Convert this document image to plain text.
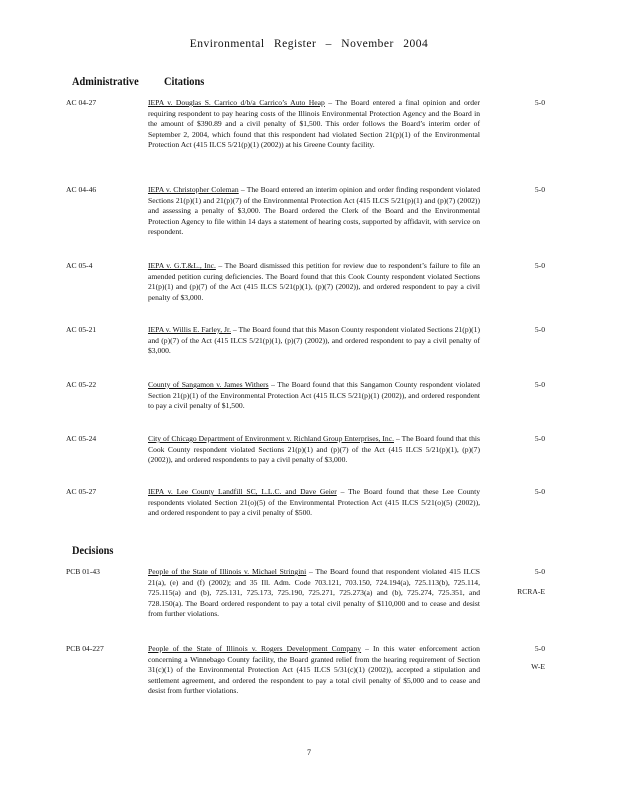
Environmental Register – November 2004
Administrative Citations
AC 04-27	IEPA v. Douglas S. Carrico d/b/a Carrico’s Auto Heap – The Board entered a final opinion and order requiring respondent to pay hearing costs of the Illinois Environmental Protection Agency and the Board in the amount of $390.89 and a civil penalty of $1,500. This order follows the Board’s interim order of September 2, 2004, which found that this respondent had violated Section 21(p)(1) of the Environmental Protection Act (415 ILCS 5/21(p)(1) (2002)) at his Greene County facility.
5-0
AC 04-46	IEPA v. Christopher Coleman – The Board entered an interim opinion and order finding respondent violated Sections 21(p)(1) and 21(p)(7) of the Environmental Protection Act (415 ILCS 5/21(p)(1) and (p)(7) (2002)) and assessing a penalty of $3,000. The Board ordered the Clerk of the Board and the Environmental Protection Agency to file within 14 days a statement of hearing costs, supported by affidavit, with service on respondent.
5-0
AC 05-4	IEPA v. G.T.&L., Inc. – The Board dismissed this petition for review due to respondent’s failure to file an amended petition curing deficiencies. The Board found that this Cook County respondent violated Sections 21(p)(1) and (p)(7) of the Act (415 ILCS 5/21(p)(1), (p)(7) (2002)), and ordered respondent to pay a civil penalty of $3,000.
5-0
AC 05-21	IEPA v. Willis E. Farley, Jr. – The Board found that this Mason County respondent violated Sections 21(p)(1) and (p)(7) of the Act (415 ILCS 5/21(p)(1), (p)(7) (2002)), and ordered respondent to pay a civil penalty of $3,000.
5-0
AC 05-22	County of Sangamon v. James Withers – The Board found that this Sangamon County respondent violated Section 21(p)(1) of the Environmental Protection Act (415 ILCS 5/21(p)(1) (2002)), and ordered respondent to pay a civil penalty of $1,500.
5-0
AC 05-24	City of Chicago Department of Environment v. Richland Group Enterprises, Inc. – The Board found that this Cook County respondent violated Sections 21(p)(1) and (p)(7) of the Act (415 ILCS 5/21(p)(1), (p)(7) (2002)), and ordered respondents to pay a civil penalty of $3,000.
5-0
AC 05-27	IEPA v. Lee County Landfill SC, L.L.C. and Dave Geier – The Board found that these Lee County respondents violated Section 21(o)(5) of the Environmental Protection Act (415 ILCS 5/21(o)(5) (2002)), and ordered respondent to pay a civil penalty of $500.
5-0
Decisions
PCB 01-43	People of the State of Illinois v. Michael Stringini – The Board found that respondent violated 415 ILCS 21(a), (e) and (f) (2002); and 35 Ill. Adm. Code 703.121, 703.150, 724.194(a), 725.113(b), 725.114, 725.115(a) and (b), 725.131, 725.173, 725.190, 725.271, 725.273(a) and (b), 725.274, 725.351, and 728.150(a). The Board ordered respondent to pay a total civil penalty of $110,000 and to cease and desist from further violations.
5-0
RCRA-E
PCB 04-227	People of the State of Illinois v. Rogers Development Company – In this water enforcement action concerning a Winnebago County facility, the Board granted relief from the hearing requirement of Section 31(c)(1) of the Environmental Protection Act (415 ILCS 5/31(c)(1) (2002)), accepted a stipulation and settlement agreement, and ordered the respondent to pay a total civil penalty of $5,000 and to cease and desist from further violations.
5-0
W-E
7
